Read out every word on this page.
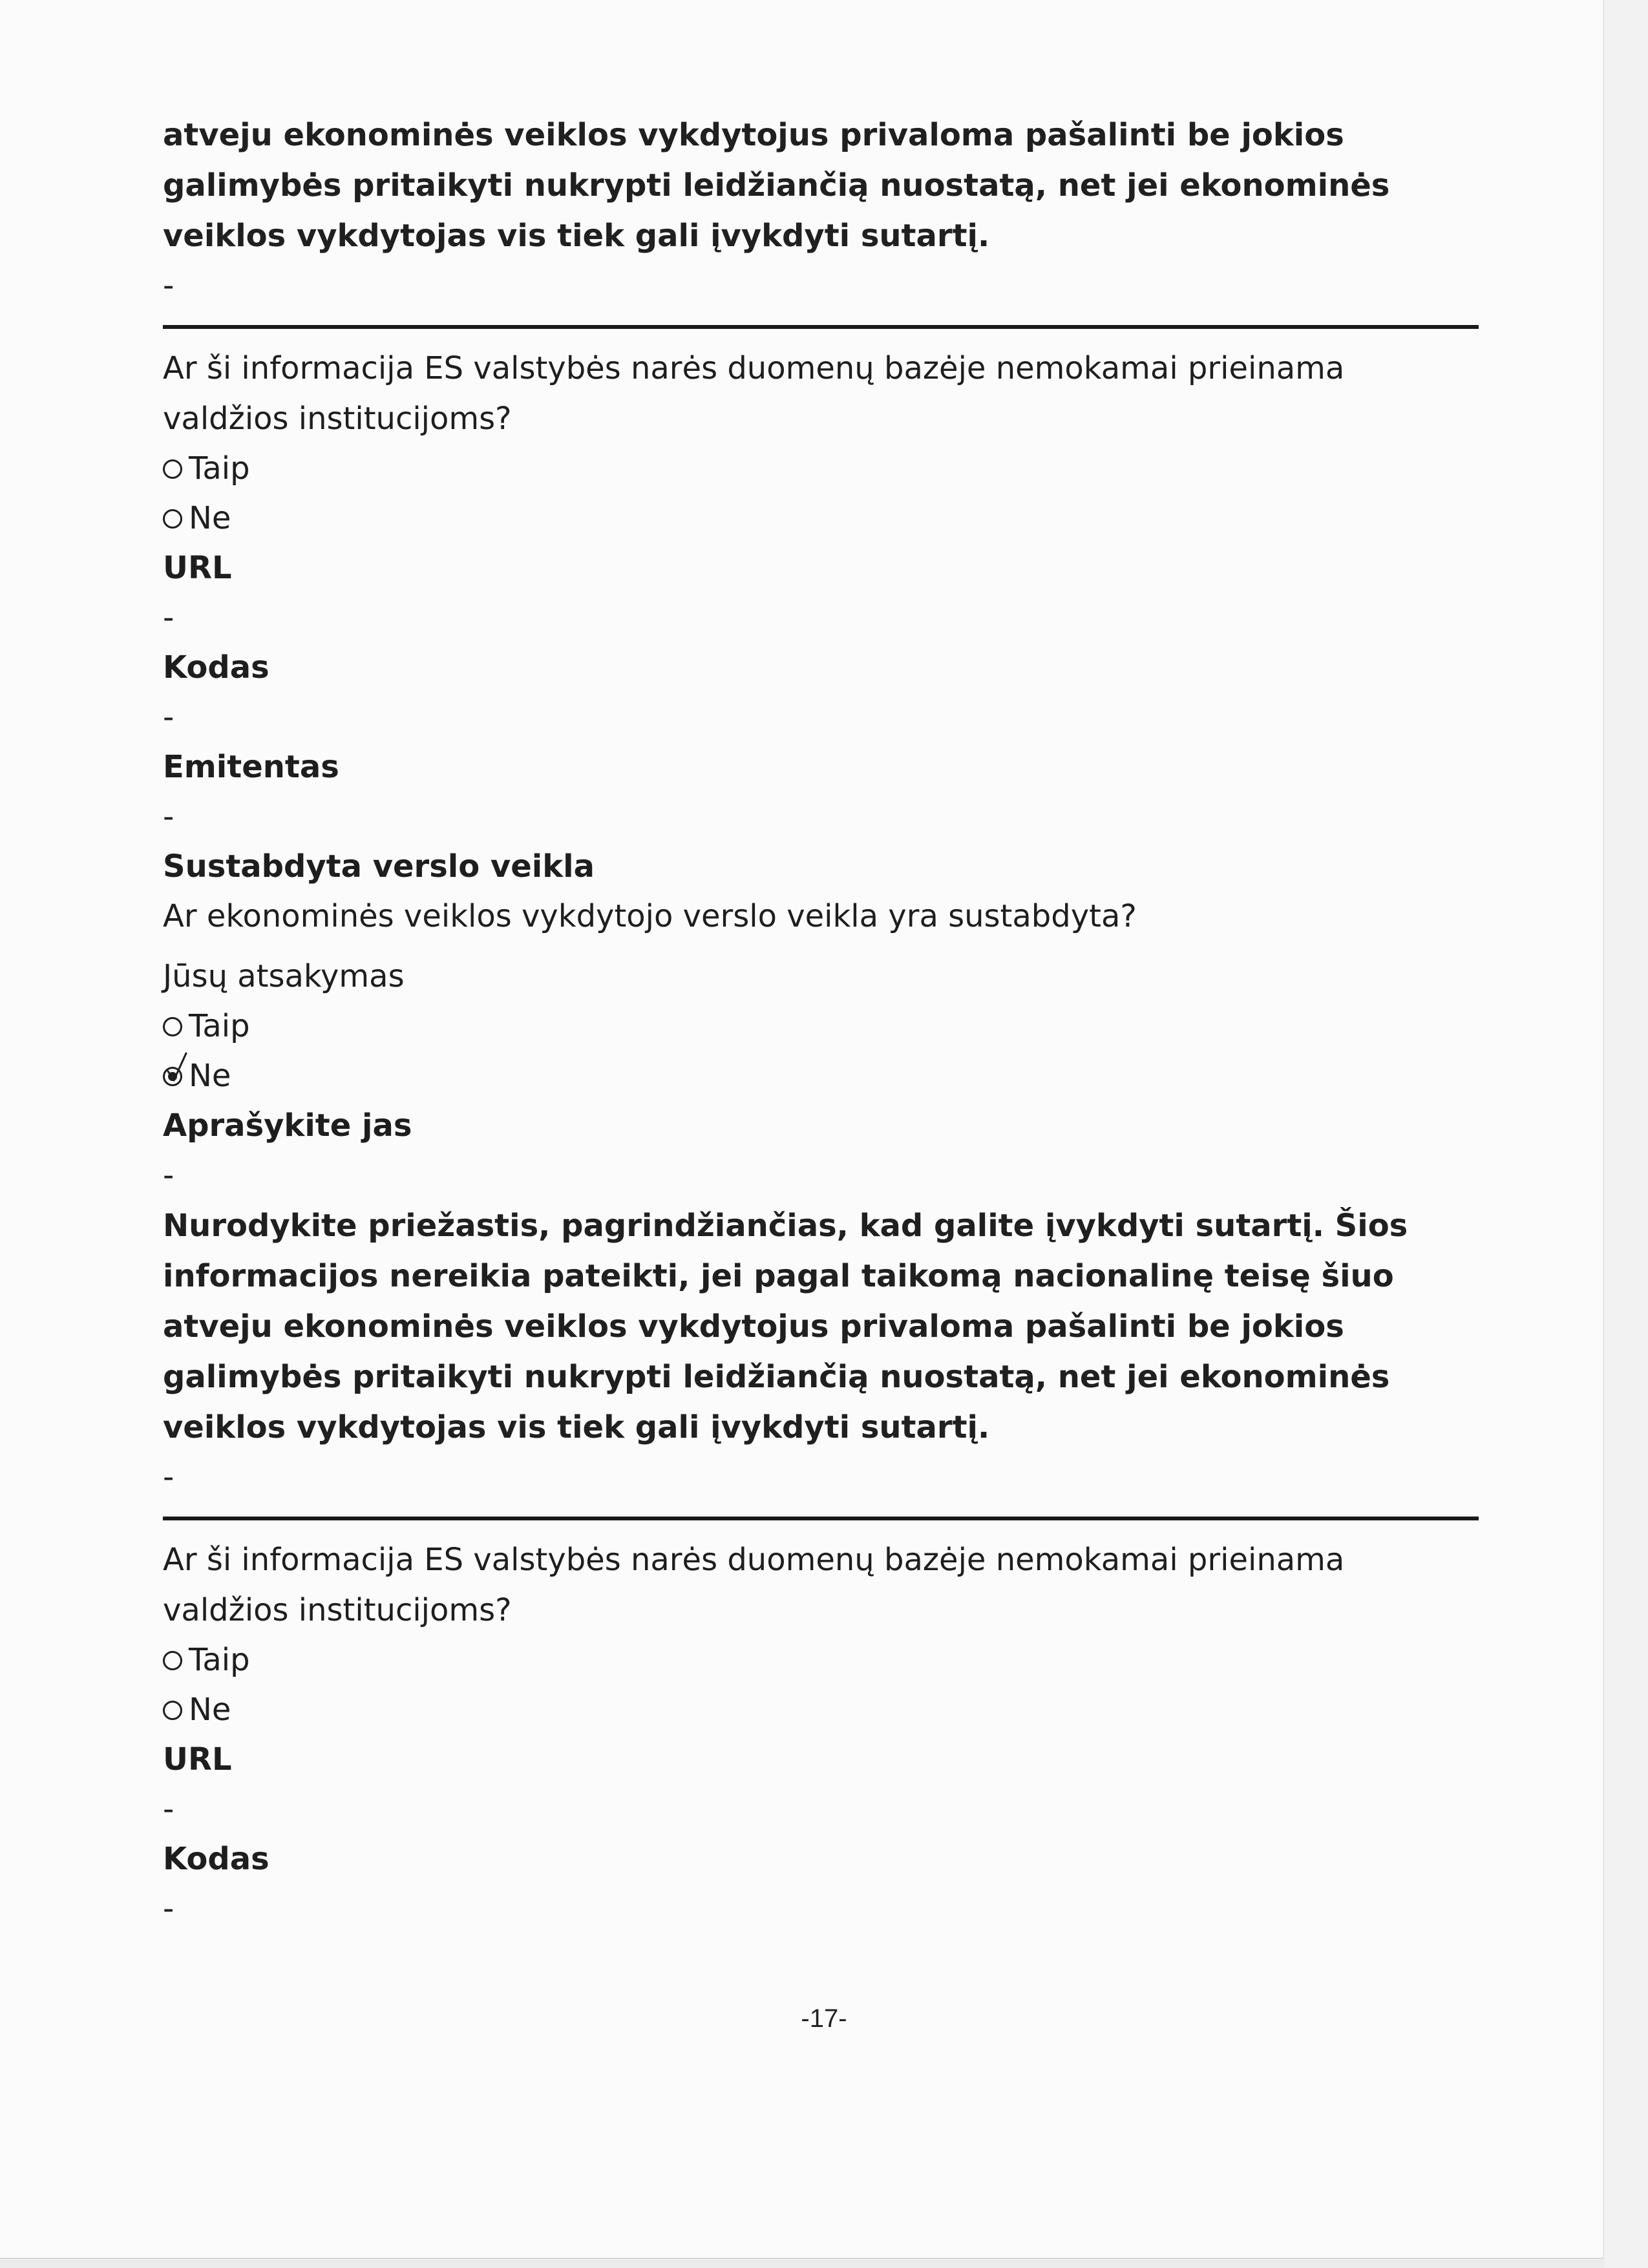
atveju ekonominės veiklos vykdytojus privaloma pašalinti be jokios

galimybės pritaikyti nukrypti leidžiančią nuostatą, net jei ekonominės

veiklos vykdytojas vis tiek gali įvykdyti sutartį.

-

Ar ši informacija ES valstybės narės duomenų bazėje nemokamai prieinama

valdžios institucijoms?

Taip
Ne

URL

-

Kodas

-

Emitentas

-

Sustabdyta verslo veikla

Ar ekonominės veiklos vykdytojo verslo veikla yra sustabdyta?

Jūsų atsakymas

Taip
Ne

Aprašykite jas

-

Nurodykite priežastis, pagrindžiančias, kad galite įvykdyti sutartį. Šios

informacijos nereikia pateikti, jei pagal taikomą nacionalinę teisę šiuo

atveju ekonominės veiklos vykdytojus privaloma pašalinti be jokios

galimybės pritaikyti nukrypti leidžiančią nuostatą, net jei ekonominės

veiklos vykdytojas vis tiek gali įvykdyti sutartį.

-

Ar ši informacija ES valstybės narės duomenų bazėje nemokamai prieinama

valdžios institucijoms?

Taip
Ne

URL

-

Kodas

-

-17-
